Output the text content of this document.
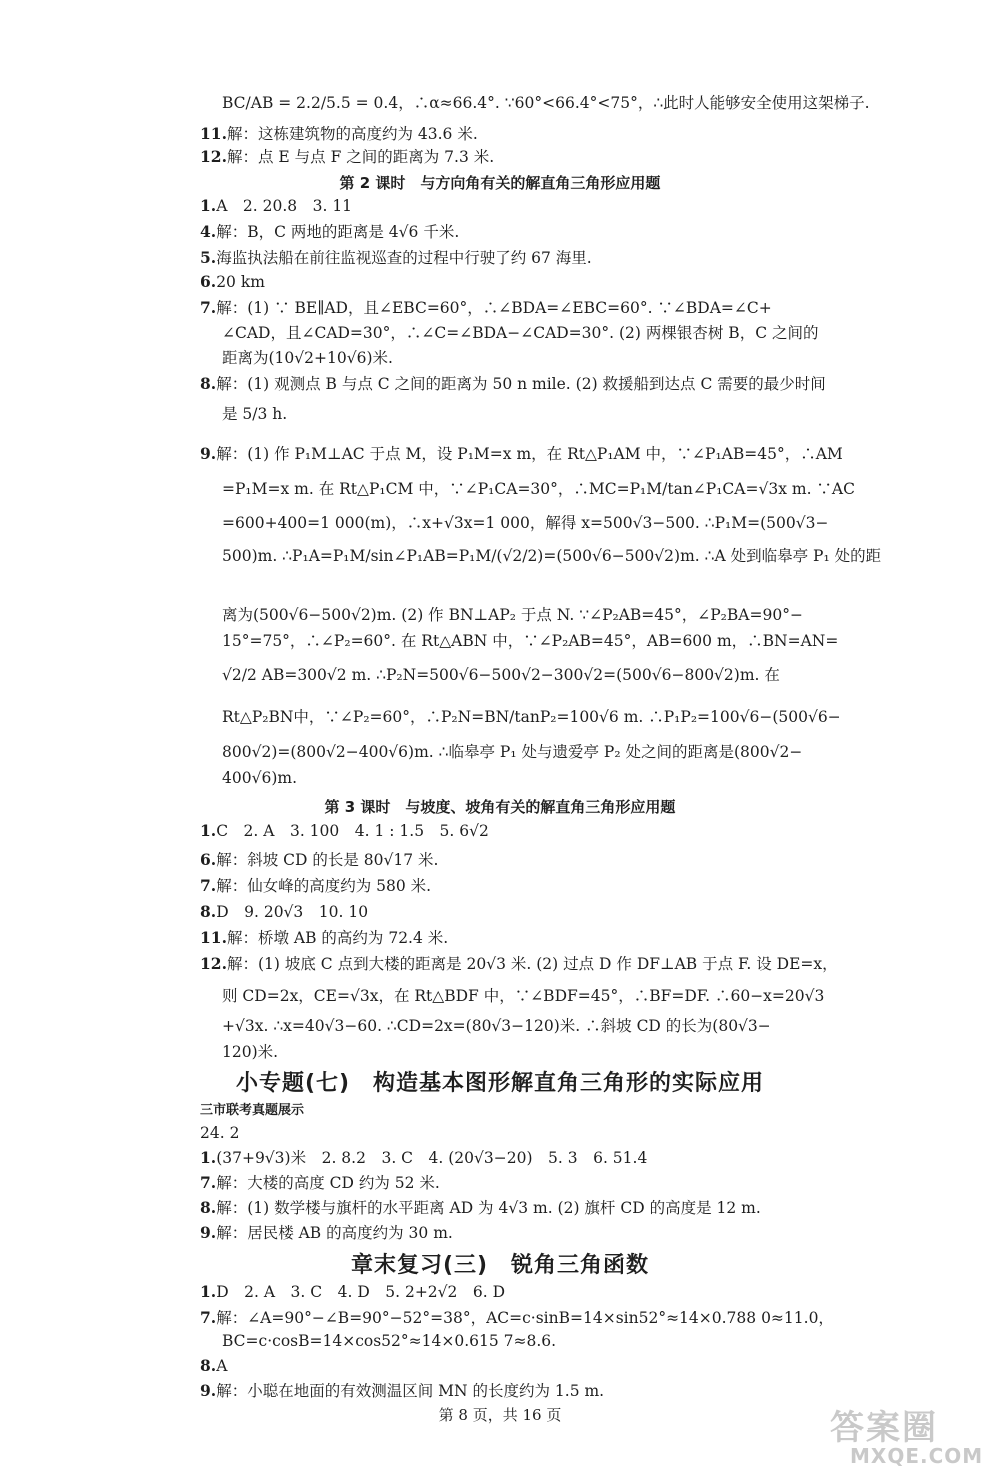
BC/AB = 2.2/5.5 = 0.4，∴α≈66.4°. ∵60°<66.4°<75°，∴此时人能够安全使用这架梯子.
11.解：这栋建筑物的高度约为 43.6 米.
12.解：点 E 与点 F 之间的距离为 7.3 米.
第 2 课时　与方向角有关的解直角三角形应用题
1.A　2. 20.8　3. 11
4.解：B，C 两地的距离是 4√6 千米.
5.海监执法船在前往监视巡查的过程中行驶了约 67 海里.
6.20 km
7.解：(1) ∵ BE∥AD，且∠EBC=60°，∴∠BDA=∠EBC=60°. ∵∠BDA=∠C+
∠CAD，且∠CAD=30°，∴∠C=∠BDA−∠CAD=30°. (2) 两棵银杏树 B，C 之间的
距离为(10√2+10√6)米.
8.解：(1) 观测点 B 与点 C 之间的距离为 50 n mile. (2) 救援船到达点 C 需要的最少时间
是 5/3 h.
9.解：(1) 作 P₁M⊥AC 于点 M，设 P₁M=x m，在 Rt△P₁AM 中，∵∠P₁AB=45°，∴AM
=P₁M=x m. 在 Rt△P₁CM 中，∵∠P₁CA=30°，∴MC=P₁M/tan∠P₁CA=√3x m. ∵AC
=600+400=1 000(m)，∴x+√3x=1 000，解得 x=500√3−500. ∴P₁M=(500√3−
500)m. ∴P₁A=P₁M/sin∠P₁AB=P₁M/(√2/2)=(500√6−500√2)m. ∴A 处到临皋亭 P₁ 处的距
离为(500√6−500√2)m. (2) 作 BN⊥AP₂ 于点 N. ∵∠P₂AB=45°，∠P₂BA=90°−
15°=75°，∴∠P₂=60°. 在 Rt△ABN 中，∵∠P₂AB=45°，AB=600 m，∴BN=AN=
√2/2 AB=300√2 m. ∴P₂N=500√6−500√2−300√2=(500√6−800√2)m. 在
Rt△P₂BN中，∵∠P₂=60°，∴P₂N=BN/tanP₂=100√6 m. ∴P₁P₂=100√6−(500√6−
800√2)=(800√2−400√6)m. ∴临皋亭 P₁ 处与遗爱亭 P₂ 处之间的距离是(800√2−
400√6)m.
第 3 课时　与坡度、坡角有关的解直角三角形应用题
1.C　2. A　3. 100　4. 1 : 1.5　5. 6√2
6.解：斜坡 CD 的长是 80√17 米.
7.解：仙女峰的高度约为 580 米.
8.D　9. 20√3　10. 10
11.解：桥墩 AB 的高约为 72.4 米.
12.解：(1) 坡底 C 点到大楼的距离是 20√3 米. (2) 过点 D 作 DF⊥AB 于点 F. 设 DE=x，
则 CD=2x，CE=√3x，在 Rt△BDF 中，∵∠BDF=45°，∴BF=DF. ∴60−x=20√3
+√3x. ∴x=40√3−60. ∴CD=2x=(80√3−120)米. ∴斜坡 CD 的长为(80√3−
120)米.
小专题(七)　构造基本图形解直角三角形的实际应用
三市联考真题展示
24. 2
1.(37+9√3)米　2. 8.2　3. C　4. (20√3−20)　5. 3　6. 51.4
7.解：大楼的高度 CD 约为 52 米.
8.解：(1) 数学楼与旗杆的水平距离 AD 为 4√3 m. (2) 旗杆 CD 的高度是 12 m.
9.解：居民楼 AB 的高度约为 30 m.
章末复习(三)　锐角三角函数
1.D　2. A　3. C　4. D　5. 2+2√2　6. D
7.解：∠A=90°−∠B=90°−52°=38°，AC=c·sinB=14×sin52°≈14×0.788 0≈11.0，
BC=c·cosB=14×cos52°≈14×0.615 7≈8.6.
8.A
9.解：小聪在地面的有效测温区间 MN 的长度约为 1.5 m.
第 8 页，共 16 页	答案圈
MXQE.COM
